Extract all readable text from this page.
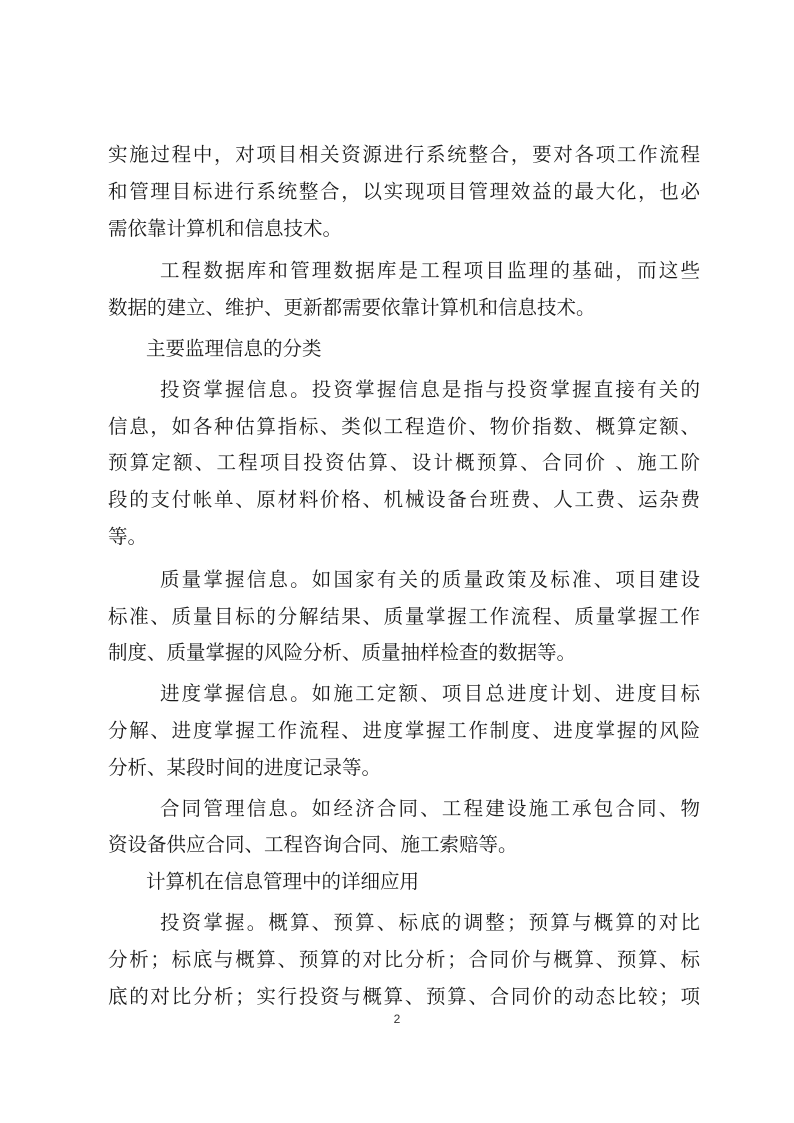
实施过程中，对项目相关资源进行系统整合，要对各项工作流程
和管理目标进行系统整合，以实现项目管理效益的最大化，也必
需依靠计算机和信息技术。
工程数据库和管理数据库是工程项目监理的基础，而这些
数据的建立、维护、更新都需要依靠计算机和信息技术。
主要监理信息的分类
投资掌握信息。投资掌握信息是指与投资掌握直接有关的
信息，如各种估算指标、类似工程造价、物价指数、概算定额、
预算定额、工程项目投资估算、设计概预算、合同价 、施工阶
段的支付帐单、原材料价格、机械设备台班费、人工费、运杂费
等。
质量掌握信息。如国家有关的质量政策及标准、项目建设
标准、质量目标的分解结果、质量掌握工作流程、质量掌握工作
制度、质量掌握的风险分析、质量抽样检查的数据等。
进度掌握信息。如施工定额、项目总进度计划、进度目标
分解、进度掌握工作流程、进度掌握工作制度、进度掌握的风险
分析、某段时间的进度记录等。
合同管理信息。如经济合同、工程建设施工承包合同、物
资设备供应合同、工程咨询合同、施工索赔等。
计算机在信息管理中的详细应用
投资掌握。概算、预算、标底的调整；预算与概算的对比
分析；标底与概算、预算的对比分析；合同价与概算、预算、标
底的对比分析；实行投资与概算、预算、合同价的动态比较；项
2
